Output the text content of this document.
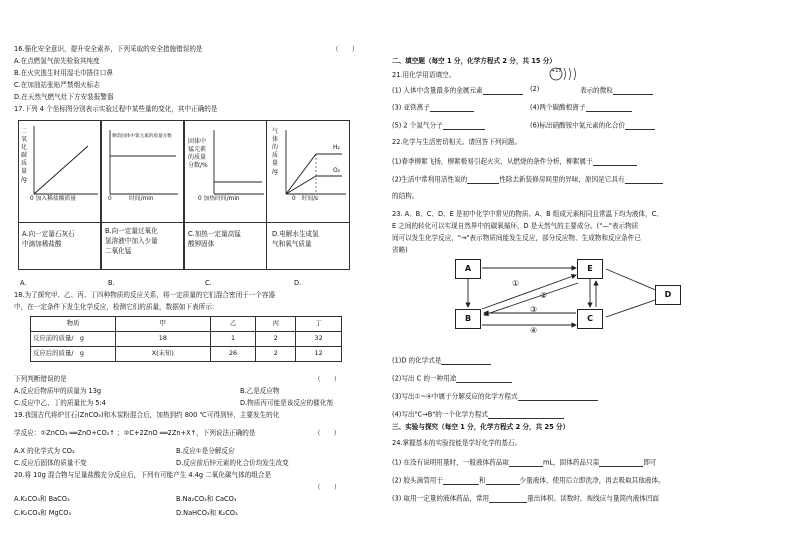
16.强化安全意识，提升安全素养，下列采取的安全措施错误的是	（　　）
A.在点燃氢气前先检验其纯度
B.在火灾逃生时用湿毛巾捂住口鼻
C.在加油站张贴严禁烟火标志
D.在天然气燃气灶下方安装报警器
17.下列 4 个坐标图分别表示实验过程中某些量的变化，其中正确的是
二
氧
化
碳
质
量
/g
0 加入稀盐酸质量
A.向一定量石灰石
中滴加稀盐酸
剩余固体中氯元素的质量分数
0　　　时间/min
B.向一定量过氧化
氢溶液中加入少量
二氧化锰
固体中
锰元素
的质量
分数/%
0 加热时间/min
C.加热一定量高锰
酸钾固体
气
体
的
质
量
/g
H₂
O₂
0　时间/s
D.电解水生成氢
气和氧气质量
A.	B.	C.	D.
18.为了探究甲、乙、丙、丁四种物质的反应关系，将一定质量的它们混合密闭于一个容器
中，在一定条件下发生化学反应，检测它们的质量，数据如下表所示：
物质	甲	乙	丙	丁
反应前的质量/　g	18	1	2	32
反应后的质量/　g	X(未知)	26	2	12
下列判断错误的是	（　　）
A.反应后物质甲的质量为 13g	B.乙是反应物
C.反应中乙、丁的质量比为 5:4	D.物质丙可能是该反应的催化剂
19.我国古代将炉甘石(ZnCO₃)和木炭粉混合后，加热到约 800 ℃可得到锌，主要发生的化
学反应：①ZnCO₃ ══ZnO+CO₂↑ ；②C+2ZnO ══2Zn+X↑，下列说法正确的是	（　　）
A.X 的化学式为 CO₂	B.反应①是分解反应
C.反应后固体的质量不变	D.反应前后锌元素的化合价均发生改变
20.将 10g 混合物与足量盐酸充分反应后，下列有可能产生 4.4g 二氧化碳气体的组合是
（　　）
A.K₂CO₃和 BaCO₃	B.Na₂CO₃和 CaCO₃
C.K₂CO₃和 MgCO₃	D.NaHCO₃和 K₂CO₃
二、填空题（每空 1 分，化学方程式 2 分，共 15 分）
21.用化学用语填空。	+17
(1) 人体中含量最多的金属元素	(2)	表示的微粒
(3) 亚铁离子	(4)两个碳酸根离子
(5) 2 个氮气分子	(6)标出硝酸铵中氮元素的化合价
22.化学与生活密切相关。请回答下列问题。
(1)春季柳絮飞扬，柳絮极易引起火灾，从燃烧的条件分析，柳絮属于
(2)生活中常利用活性炭的	性除去新装修房间里的异味，原因是它具有
的结构。
23. A、B、C、D、E 是初中化学中常见的物质。A、B 组成元素相同且常温下均为液体，C、
E 之间的转化可以实现自然界中的碳氧循环，D 是天然气的主要成分。("—"表示物质
间可以发生化学反应，"→"表示物质间能发生反应，部分反应物、生成物和反应条件已
省略)
A	E
B	C
D
①
②
③
④
(1)D 的化学式是
(2)写出 C 的一种用途
(3)写出①~④中属于分解反应的化学方程式
(4)写出"C→B"的一个化学方程式
三、实验与探究（每空 1 分，化学方程式 2 分，共 25 分）
24.掌握基本的实验技能是学好化学的基石。
(1) 在没有说明用量时，一般液体药品取	mL，固体药品只需	即可
(2) 胶头滴管用于	和	少量液体，使用后立即洗净，再去吸取其他液体。
(3) 取用一定量的液体药品，常用	量出体积。读数时，视线应与量筒内液体凹面
